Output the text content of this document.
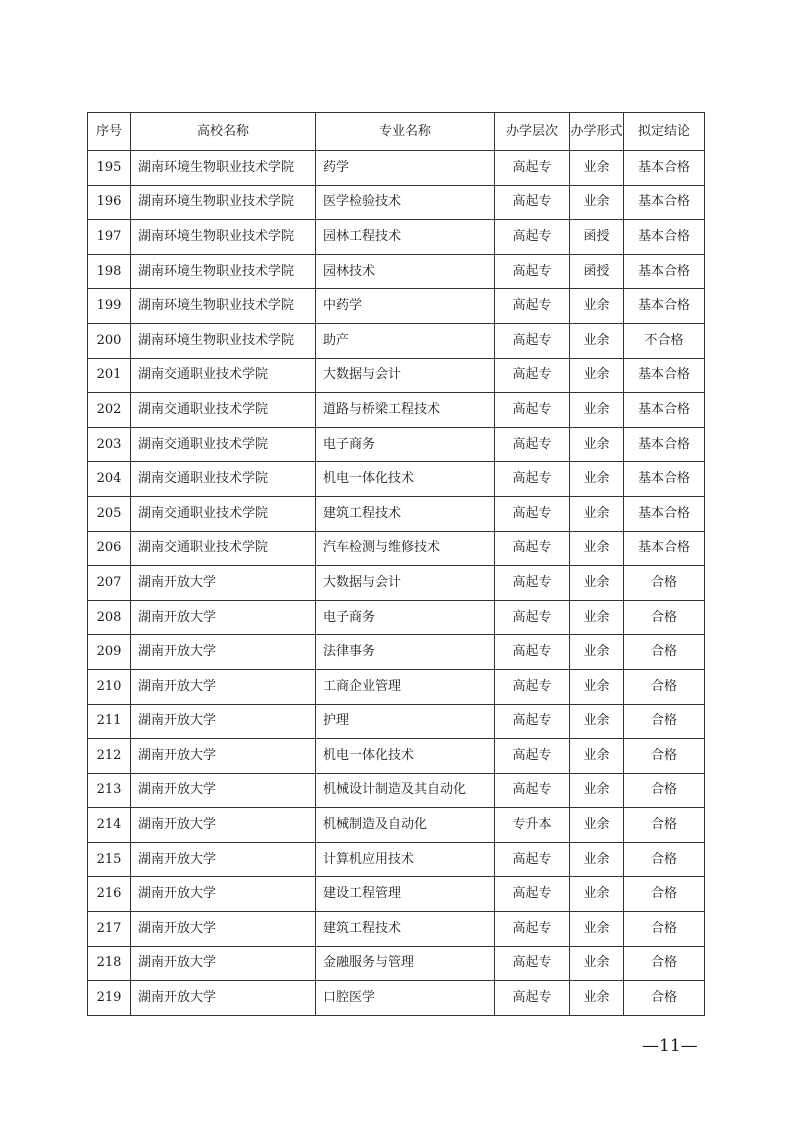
序号	高校名称	专业名称	办学层次	办学形式	拟定结论
195	湖南环境生物职业技术学院	药学	高起专	业余	基本合格
196	湖南环境生物职业技术学院	医学检验技术	高起专	业余	基本合格
197	湖南环境生物职业技术学院	园林工程技术	高起专	函授	基本合格
198	湖南环境生物职业技术学院	园林技术	高起专	函授	基本合格
199	湖南环境生物职业技术学院	中药学	高起专	业余	基本合格
200	湖南环境生物职业技术学院	助产	高起专	业余	不合格
201	湖南交通职业技术学院	大数据与会计	高起专	业余	基本合格
202	湖南交通职业技术学院	道路与桥梁工程技术	高起专	业余	基本合格
203	湖南交通职业技术学院	电子商务	高起专	业余	基本合格
204	湖南交通职业技术学院	机电一体化技术	高起专	业余	基本合格
205	湖南交通职业技术学院	建筑工程技术	高起专	业余	基本合格
206	湖南交通职业技术学院	汽车检测与维修技术	高起专	业余	基本合格
207	湖南开放大学	大数据与会计	高起专	业余	合格
208	湖南开放大学	电子商务	高起专	业余	合格
209	湖南开放大学	法律事务	高起专	业余	合格
210	湖南开放大学	工商企业管理	高起专	业余	合格
211	湖南开放大学	护理	高起专	业余	合格
212	湖南开放大学	机电一体化技术	高起专	业余	合格
213	湖南开放大学	机械设计制造及其自动化	高起专	业余	合格
214	湖南开放大学	机械制造及自动化	专升本	业余	合格
215	湖南开放大学	计算机应用技术	高起专	业余	合格
216	湖南开放大学	建设工程管理	高起专	业余	合格
217	湖南开放大学	建筑工程技术	高起专	业余	合格
218	湖南开放大学	金融服务与管理	高起专	业余	合格
219	湖南开放大学	口腔医学	高起专	业余	合格
—11—
